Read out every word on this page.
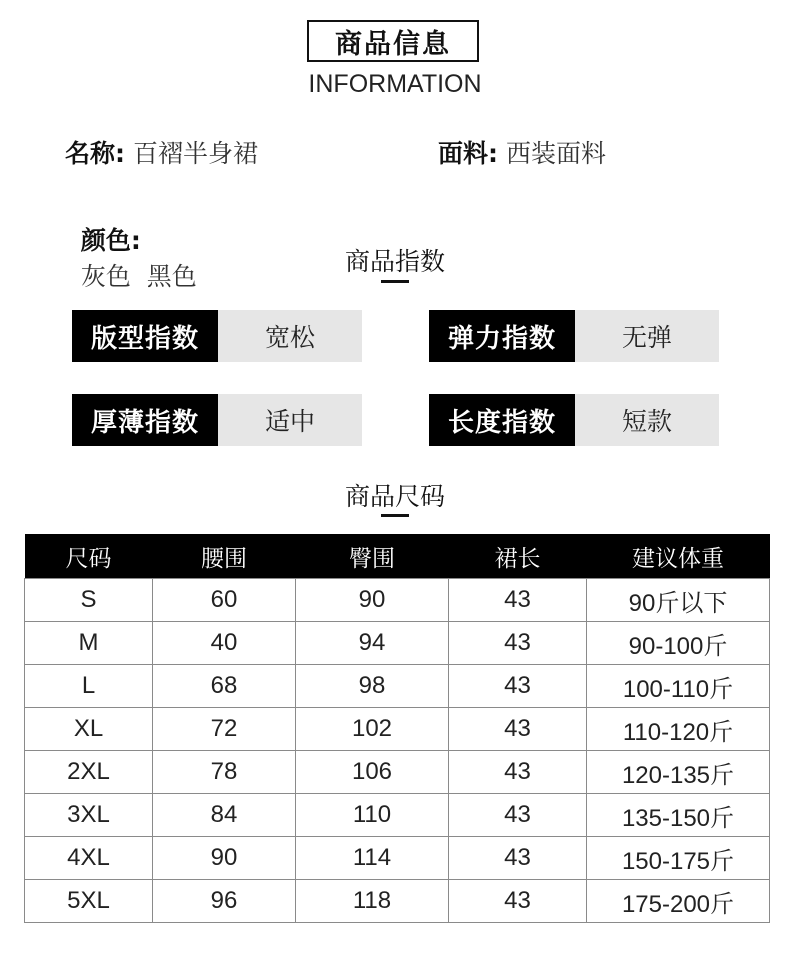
商品信息
INFORMATION
名称: 百褶半身裙	面料: 西装面料

颜色:
灰色  黑色

商品指数
版型指数	宽松	弹力指数	无弹
厚薄指数	适中	长度指数	短款
商品尺码
尺码	腰围	臀围	裙长	建议体重
S	60	90	43	90斤以下
M	40	94	43	90-100斤
L	68	98	43	100-110斤
XL	72	102	43	110-120斤
2XL	78	106	43	120-135斤
3XL	84	110	43	135-150斤
4XL	90	114	43	150-175斤
5XL	96	118	43	175-200斤
